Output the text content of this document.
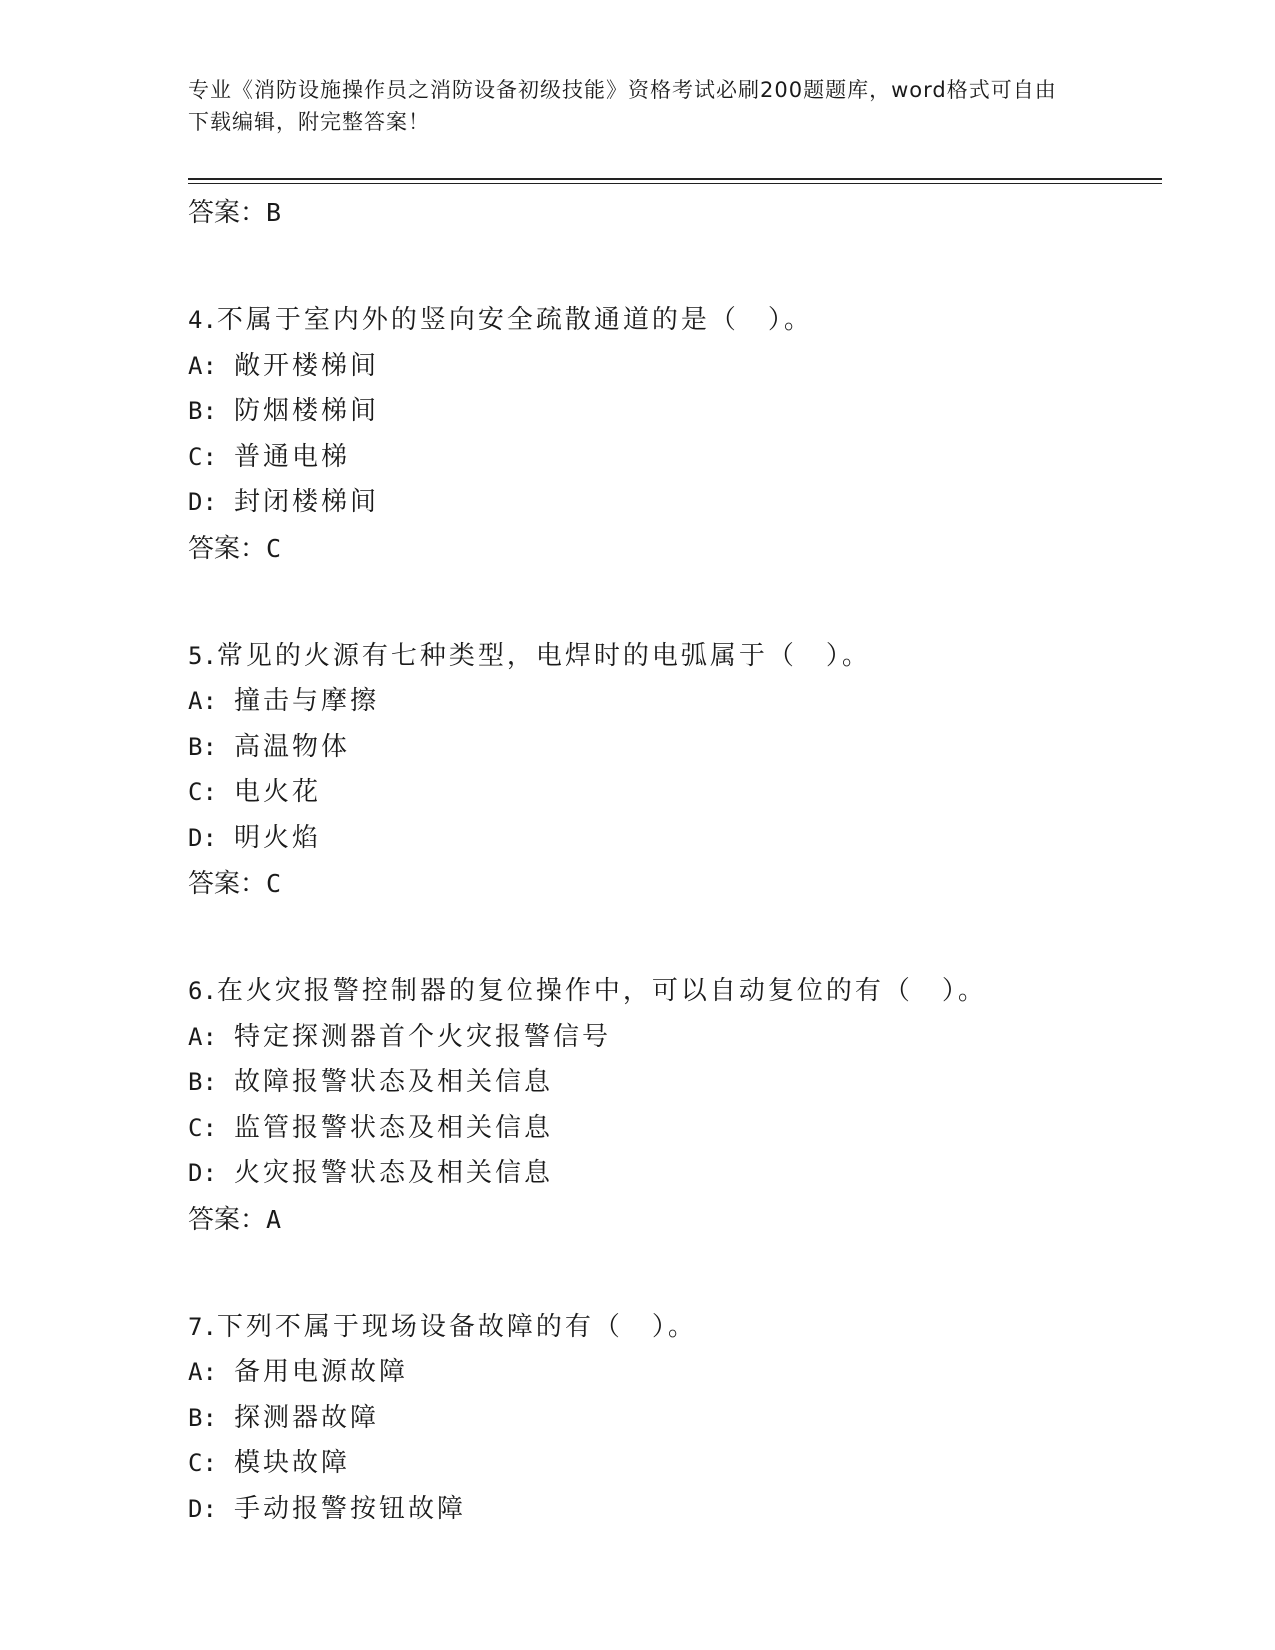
专业《消防设施操作员之消防设备初级技能》资格考试必刷200题题库，word格式可自由下载编辑，附完整答案！
答案：B
4.不属于室内外的竖向安全疏散通道的是（　）。
A: 敞开楼梯间
B: 防烟楼梯间
C: 普通电梯
D: 封闭楼梯间
答案：C
5.常见的火源有七种类型，电焊时的电弧属于（　）。
A: 撞击与摩擦
B: 高温物体
C: 电火花
D: 明火焰
答案：C
6.在火灾报警控制器的复位操作中，可以自动复位的有（　）。
A: 特定探测器首个火灾报警信号
B: 故障报警状态及相关信息
C: 监管报警状态及相关信息
D: 火灾报警状态及相关信息
答案：A
7.下列不属于现场设备故障的有（　）。
A: 备用电源故障
B: 探测器故障
C: 模块故障
D: 手动报警按钮故障
